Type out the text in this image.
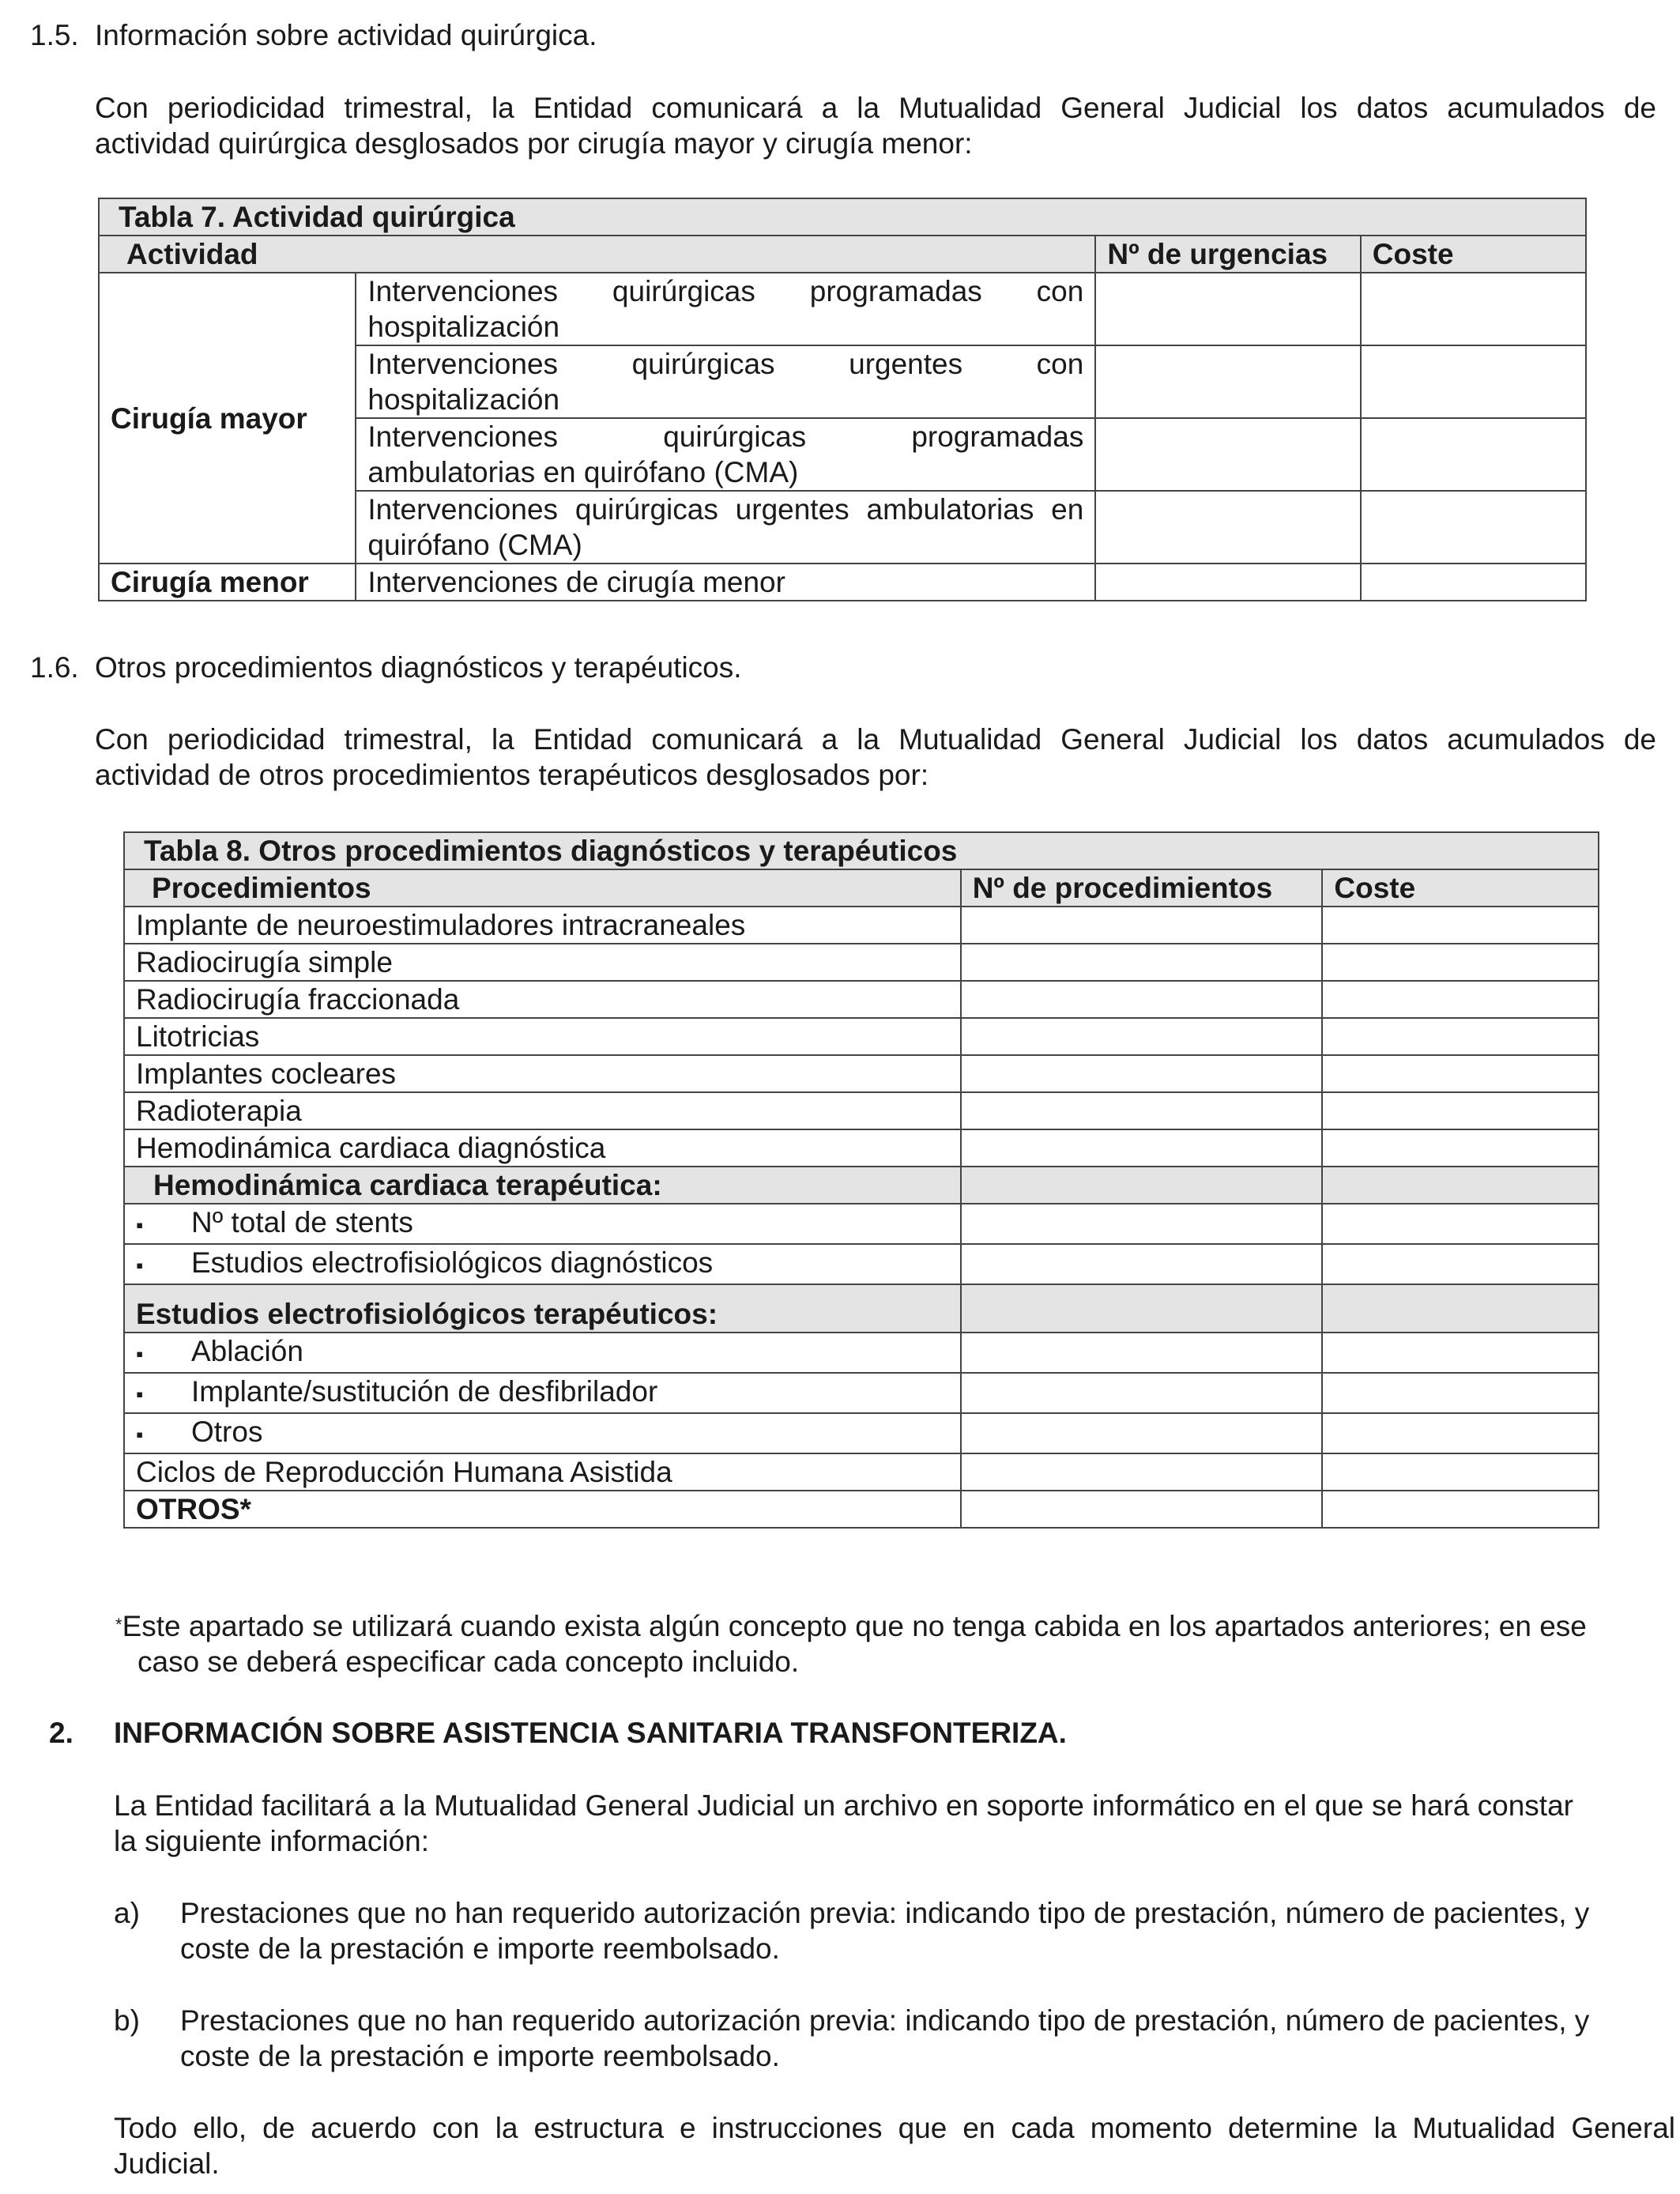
1.5. Información sobre actividad quirúrgica.
Con periodicidad trimestral, la Entidad comunicará a la Mutualidad General Judicial los datos acumulados de
actividad quirúrgica desglosados por cirugía mayor y cirugía menor:
Tabla 7. Actividad quirúrgica			
Actividad		Nº de urgencias	Coste
Cirugía mayor	Intervenciones quirúrgicas programadas con
hospitalización		

	Intervenciones quirúrgicas urgentes con
hospitalización		

	Intervenciones quirúrgicas programadas
ambulatorias en quirófano (CMA)		

	Intervenciones quirúrgicas urgentes ambulatorias en
quirófano (CMA)		

Cirugía menor	Intervenciones de cirugía menor		
1.6. Otros procedimientos diagnósticos y terapéuticos.
Con periodicidad trimestral, la Entidad comunicará a la Mutualidad General Judicial los datos acumulados de
actividad de otros procedimientos terapéuticos desglosados por:
Tabla 8. Otros procedimientos diagnósticos y terapéuticos		
Procedimientos	Nº de procedimientos	Coste
Implante de neuroestimuladores intracraneales		
Radiocirugía simple		
Radiocirugía fraccionada		
Litotricias		
Implantes cocleares		
Radioterapia		
Hemodinámica cardiaca diagnóstica		
Hemodinámica cardiaca terapéutica:		
▪ Nº total de stents		
▪ Estudios electrofisiológicos diagnósticos		
Estudios electrofisiológicos terapéuticos:		
▪ Ablación		
▪ Implante/sustitución de desfibrilador		
▪ Otros		
Ciclos de Reproducción Humana Asistida		
OTROS*		
*Este apartado se utilizará cuando exista algún concepto que no tenga cabida en los apartados anteriores; en ese
caso se deberá especificar cada concepto incluido.
2. INFORMACIÓN SOBRE ASISTENCIA SANITARIA TRANSFONTERIZA.
La Entidad facilitará a la Mutualidad General Judicial un archivo en soporte informático en el que se hará constar
la siguiente información:
a) Prestaciones que no han requerido autorización previa: indicando tipo de prestación, número de pacientes, y
coste de la prestación e importe reembolsado.
b) Prestaciones que no han requerido autorización previa: indicando tipo de prestación, número de pacientes, y
coste de la prestación e importe reembolsado.
Todo ello, de acuerdo con la estructura e instrucciones que en cada momento determine la Mutualidad General
Judicial.
